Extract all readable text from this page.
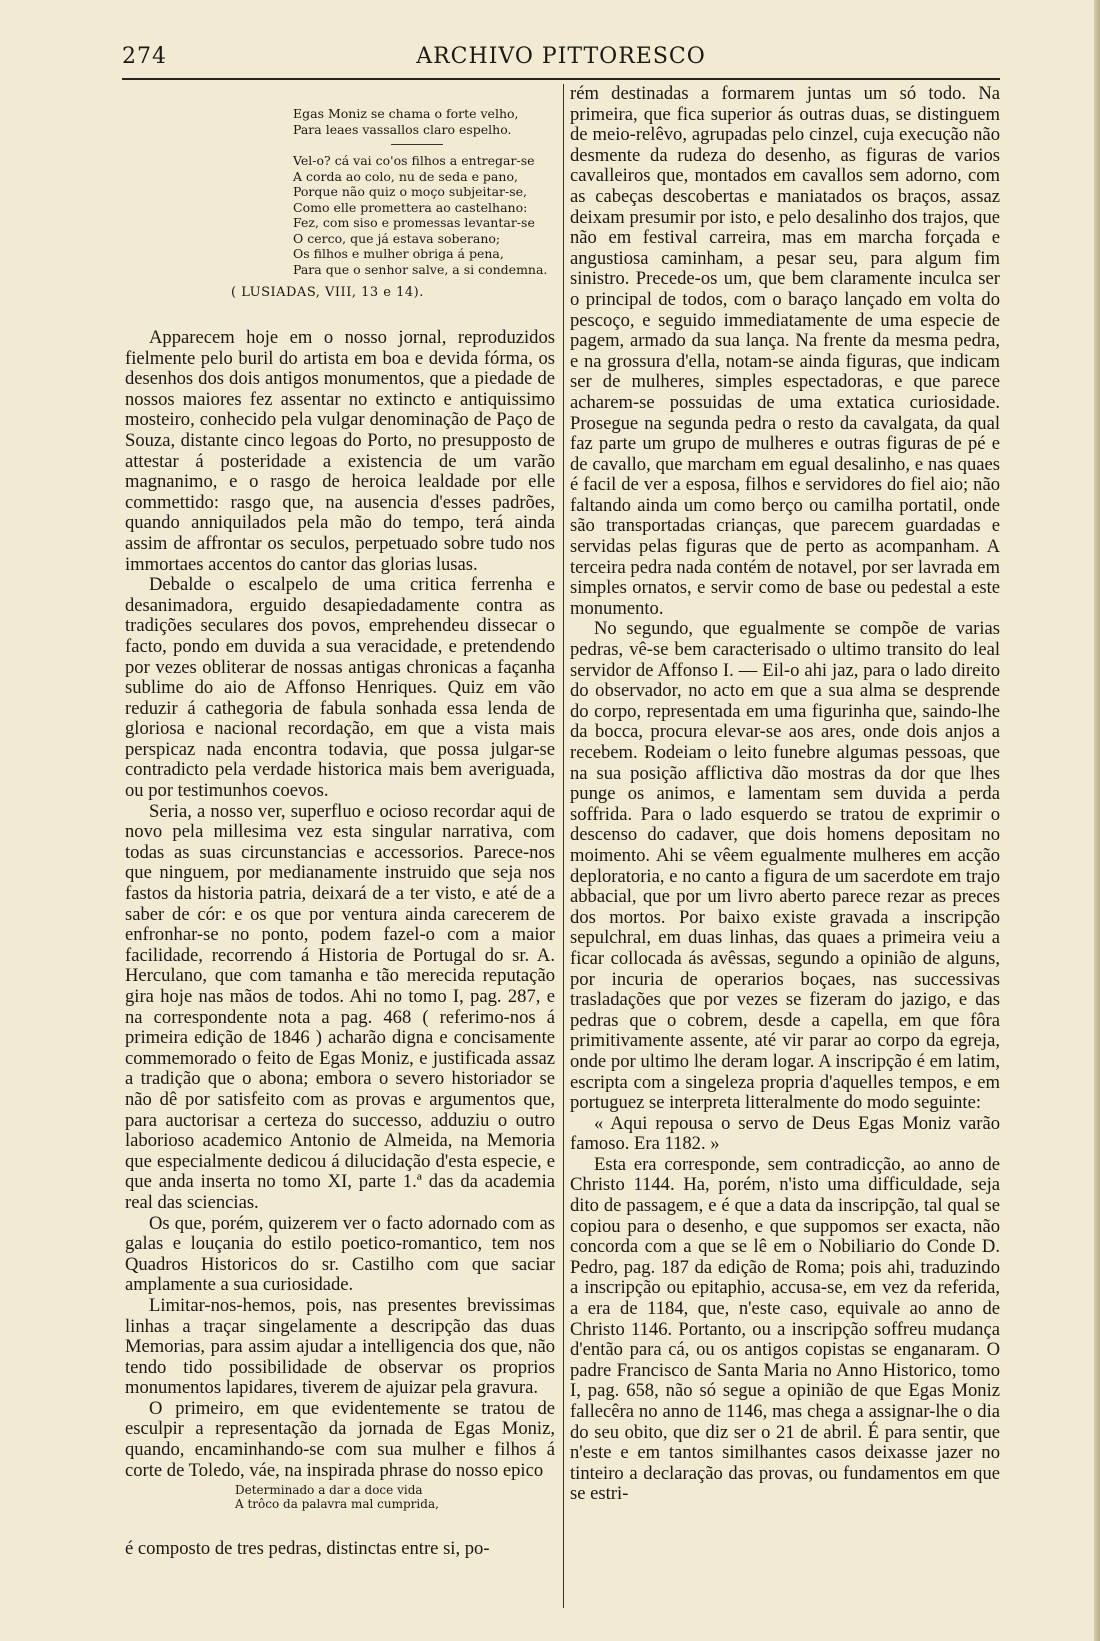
274	ARCHIVO PITTORESCO
Egas Moniz se chama o forte velho,
Para leaes vassallos claro espelho.
Vel-o? cá vai co'os filhos a entregar-se
A corda ao colo, nu de seda e pano,
Porque não quiz o moço subjeitar-se,
Como elle promettera ao castelhano:
Fez, com siso e promessas levantar-se
O cerco, que já estava soberano;
Os filhos e mulher obriga á pena,
Para que o senhor salve, a si condemna.
( LUSIADAS, VIII, 13 e 14).
Apparecem hoje em o nosso jornal, reproduzidos fielmente pelo buril do artista em boa e devida fórma, os desenhos dos dois antigos monumentos, que a piedade de nossos maiores fez assentar no extincto e antiquissimo mosteiro, conhecido pela vulgar denominação de Paço de Souza, distante cinco legoas do Porto, no presupposto de attestar á posteridade a existencia de um varão magnanimo, e o rasgo de heroica lealdade por elle commettido: rasgo que, na ausencia d'esses padrões, quando anniquilados pela mão do tempo, terá ainda assim de affrontar os seculos, perpetuado sobre tudo nos immortaes accentos do cantor das glorias lusas.
Debalde o escalpelo de uma critica ferrenha e desanimadora, erguido desapiedadamente contra as tradições seculares dos povos, emprehendeu dissecar o facto, pondo em duvida a sua veracidade, e pretendendo por vezes obliterar de nossas antigas chronicas a façanha sublime do aio de Affonso Henriques. Quiz em vão reduzir á cathegoria de fabula sonhada essa lenda de gloriosa e nacional recordação, em que a vista mais perspicaz nada encontra todavia, que possa julgar-se contradicto pela verdade historica mais bem averiguada, ou por testimunhos coevos.
Seria, a nosso ver, superfluo e ocioso recordar aqui de novo pela millesima vez esta singular narrativa, com todas as suas circunstancias e accessorios. Parece-nos que ninguem, por medianamente instruido que seja nos fastos da historia patria, deixará de a ter visto, e até de a saber de cór: e os que por ventura ainda carecerem de enfronhar-se no ponto, podem fazel-o com a maior facilidade, recorrendo á Historia de Portugal do sr. A. Herculano, que com tamanha e tão merecida reputação gira hoje nas mãos de todos. Ahi no tomo I, pag. 287, e na correspondente nota a pag. 468 ( referimo-nos á primeira edição de 1846 ) acharão digna e concisamente commemorado o feito de Egas Moniz, e justificada assaz a tradição que o abona; embora o severo historiador se não dê por satisfeito com as provas e argumentos que, para auctorisar a certeza do successo, adduziu o outro laborioso academico Antonio de Almeida, na Memoria que especialmente dedicou á dilucidação d'esta especie, e que anda inserta no tomo XI, parte 1.ª das da academia real das sciencias.
Os que, porém, quizerem ver o facto adornado com as galas e louçania do estilo poetico-romantico, tem nos Quadros Historicos do sr. Castilho com que saciar amplamente a sua curiosidade.
Limitar-nos-hemos, pois, nas presentes brevissimas linhas a traçar singelamente a descripção das duas Memorias, para assim ajudar a intelligencia dos que, não tendo tido possibilidade de observar os proprios monumentos lapidares, tiverem de ajuizar pela gravura.
O primeiro, em que evidentemente se tratou de esculpir a representação da jornada de Egas Moniz, quando, encaminhando-se com sua mulher e filhos á corte de Toledo, váe, na inspirada phrase do nosso epico
Determinado a dar a doce vida
A trôco da palavra mal cumprida,
é composto de tres pedras, distinctas entre si, po-
rém destinadas a formarem juntas um só todo. Na primeira, que fica superior ás outras duas, se distinguem de meio-relêvo, agrupadas pelo cinzel, cuja execução não desmente da rudeza do desenho, as figuras de varios cavalleiros que, montados em cavallos sem adorno, com as cabeças descobertas e maniatados os braços, assaz deixam presumir por isto, e pelo desalinho dos trajos, que não em festival carreira, mas em marcha forçada e angustiosa caminham, a pesar seu, para algum fim sinistro. Precede-os um, que bem claramente inculca ser o principal de todos, com o baraço lançado em volta do pescoço, e seguido immediatamente de uma especie de pagem, armado da sua lança. Na frente da mesma pedra, e na grossura d'ella, notam-se ainda figuras, que indicam ser de mulheres, simples espectadoras, e que parece acharem-se possuidas de uma extatica curiosidade. Prosegue na segunda pedra o resto da cavalgata, da qual faz parte um grupo de mulheres e outras figuras de pé e de cavallo, que marcham em egual desalinho, e nas quaes é facil de ver a esposa, filhos e servidores do fiel aio; não faltando ainda um como berço ou camilha portatil, onde são transportadas crianças, que parecem guardadas e servidas pelas figuras que de perto as acompanham. A terceira pedra nada contém de notavel, por ser lavrada em simples ornatos, e servir como de base ou pedestal a este monumento.
No segundo, que egualmente se compõe de varias pedras, vê-se bem caracterisado o ultimo transito do leal servidor de Affonso I. — Eil-o ahi jaz, para o lado direito do observador, no acto em que a sua alma se desprende do corpo, representada em uma figurinha que, saindo-lhe da bocca, procura elevar-se aos ares, onde dois anjos a recebem. Rodeiam o leito funebre algumas pessoas, que na sua posição afflictiva dão mostras da dor que lhes punge os animos, e lamentam sem duvida a perda soffrida. Para o lado esquerdo se tratou de exprimir o descenso do cadaver, que dois homens depositam no moimento. Ahi se vêem egualmente mulheres em acção deploratoria, e no canto a figura de um sacerdote em trajo abbacial, que por um livro aberto parece rezar as preces dos mortos. Por baixo existe gravada a inscripção sepulchral, em duas linhas, das quaes a primeira veiu a ficar collocada ás avêssas, segundo a opinião de alguns, por incuria de operarios boçaes, nas successivas trasladações que por vezes se fizeram do jazigo, e das pedras que o cobrem, desde a capella, em que fôra primitivamente assente, até vir parar ao corpo da egreja, onde por ultimo lhe deram logar. A inscripção é em latim, escripta com a singeleza propria d'aquelles tempos, e em portuguez se interpreta litteralmente do modo seguinte:
« Aqui repousa o servo de Deus Egas Moniz varão famoso. Era 1182. »
Esta era corresponde, sem contradicção, ao anno de Christo 1144. Ha, porém, n'isto uma difficuldade, seja dito de passagem, e é que a data da inscripção, tal qual se copiou para o desenho, e que suppomos ser exacta, não concorda com a que se lê em o Nobiliario do Conde D. Pedro, pag. 187 da edição de Roma; pois ahi, traduzindo a inscripção ou epitaphio, accusa-se, em vez da referida, a era de 1184, que, n'este caso, equivale ao anno de Christo 1146. Portanto, ou a inscripção soffreu mudança d'então para cá, ou os antigos copistas se enganaram. O padre Francisco de Santa Maria no Anno Historico, tomo I, pag. 658, não só segue a opinião de que Egas Moniz fallecêra no anno de 1146, mas chega a assignar-lhe o dia do seu obito, que diz ser o 21 de abril. É para sentir, que n'este e em tantos similhantes casos deixasse jazer no tinteiro a declaração das provas, ou fundamentos em que se estri-
